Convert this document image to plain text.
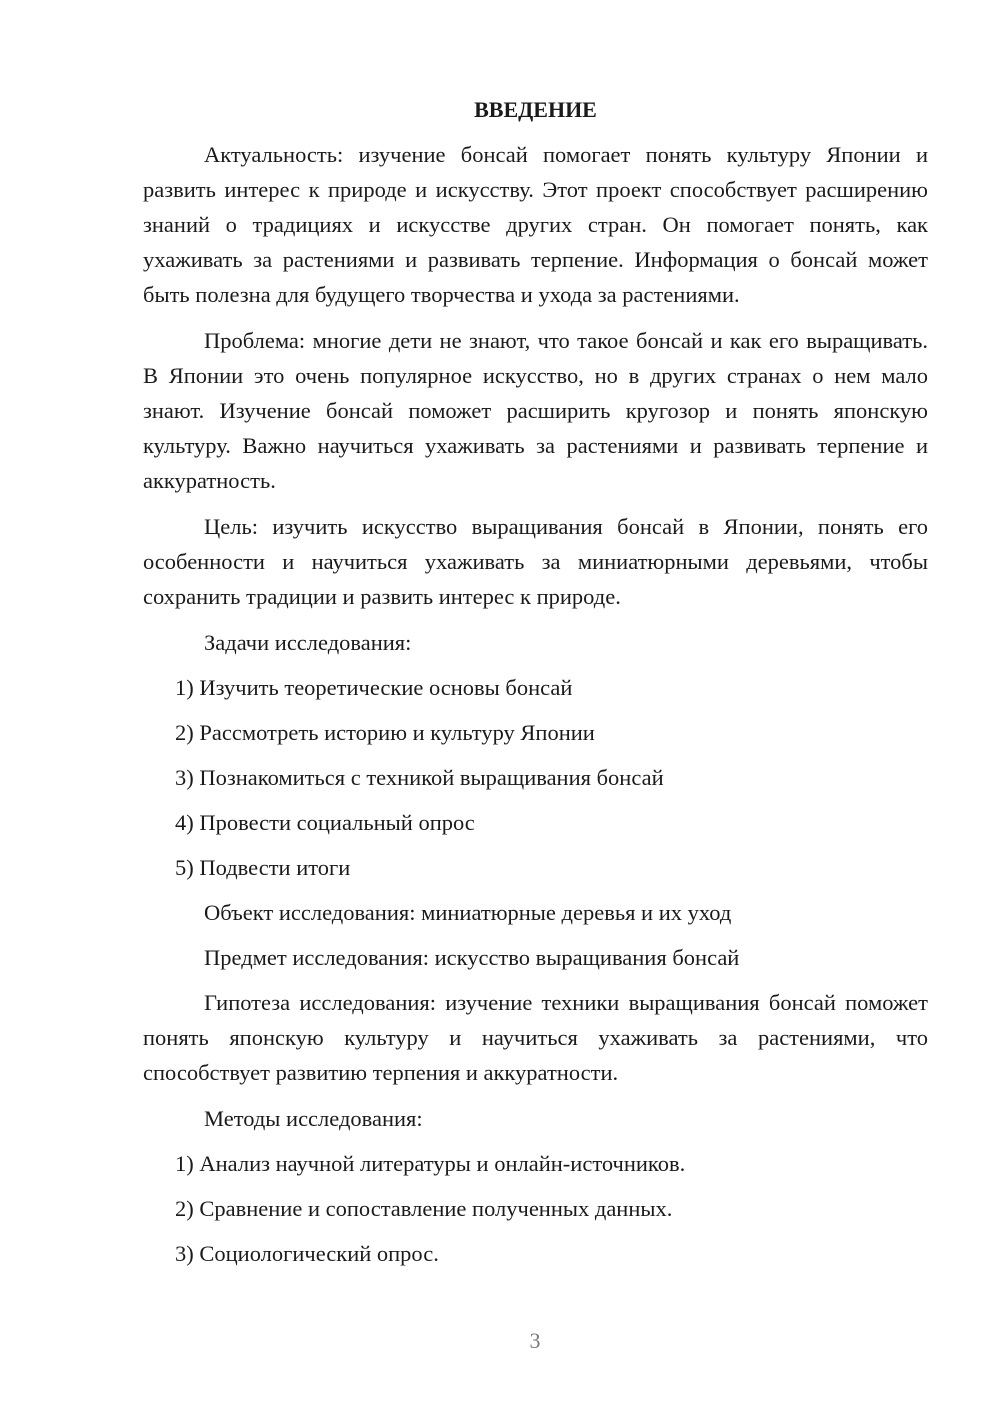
ВВЕДЕНИЕ

Актуальность: изучение бонсай помогает понять культуру Японии и развить интерес к природе и искусству. Этот проект способствует расширению знаний о традициях и искусстве других стран. Он помогает понять, как ухаживать за растениями и развивать терпение. Информация о бонсай может быть полезна для будущего творчества и ухода за растениями.

Проблема: многие дети не знают, что такое бонсай и как его выращивать. В Японии это очень популярное искусство, но в других странах о нем мало знают. Изучение бонсай поможет расширить кругозор и понять японскую культуру. Важно научиться ухаживать за растениями и развивать терпение и аккуратность.

Цель: изучить искусство выращивания бонсай в Японии, понять его особенности и научиться ухаживать за миниатюрными деревьями, чтобы сохранить традиции и развить интерес к природе.

Задачи исследования:
1) Изучить теоретические основы бонсай
2) Рассмотреть историю и культуру Японии
3) Познакомиться с техникой выращивания бонсай
4) Провести социальный опрос
5) Подвести итоги
Объект исследования: миниатюрные деревья и их уход
Предмет исследования: искусство выращивания бонсай

Гипотеза исследования: изучение техники выращивания бонсай поможет понять японскую культуру и научиться ухаживать за растениями, что способствует развитию терпения и аккуратности.

Методы исследования:
1) Анализ научной литературы и онлайн-источников.
2) Сравнение и сопоставление полученных данных.
3) Социологический опрос.
3
